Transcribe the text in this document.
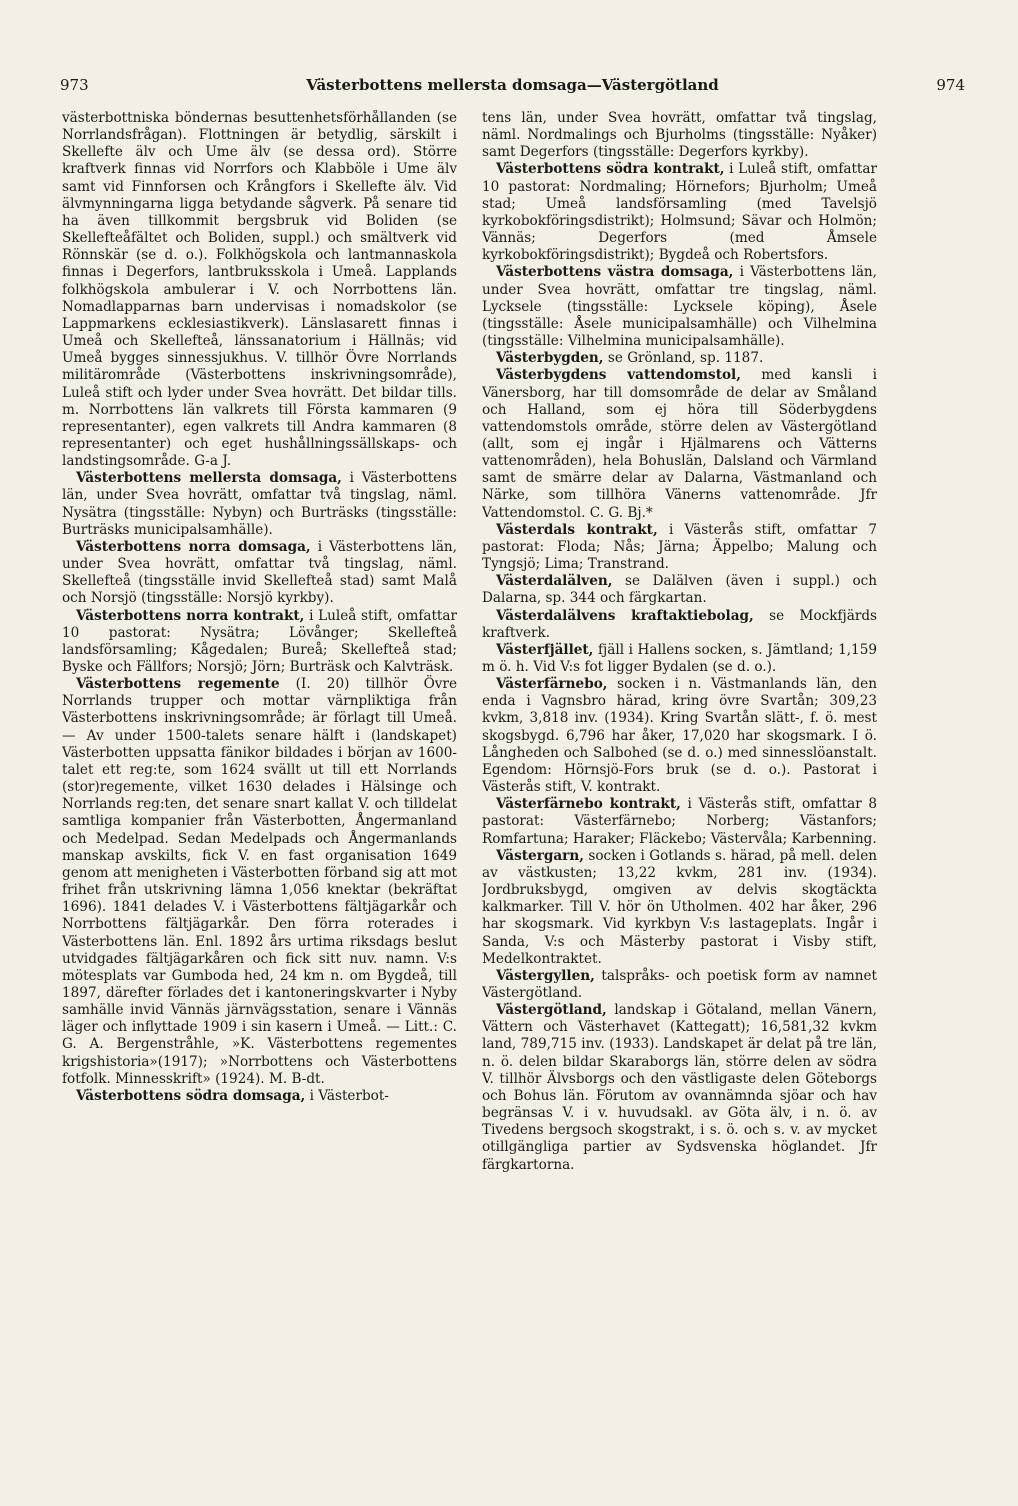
973	Västerbottens mellersta domsaga—Västergötland	974

västerbottniska böndernas besuttenhetsförhållanden (se Norrlandsfrågan). Flottningen är betydlig, särskilt i Skellefte älv och Ume älv (se dessa ord). Större kraftverk finnas vid Norrfors och Klabböle i Ume älv samt vid Finnforsen och Krångfors i Skellefte älv. Vid älvmynningarna ligga betydande sågverk. På senare tid ha även tillkommit bergsbruk vid Boliden (se Skellefteåfältet och Boliden, suppl.) och smältverk vid Rönnskär (se d. o.). Folkhögskola och lantmannaskola finnas i Degerfors, lantbruksskola i Umeå. Lapplands folkhögskola ambulerar i V. och Norrbottens län. Nomadlapparnas barn undervisas i nomadskolor (se Lappmarkens ecklesiastikverk). Länslasarett finnas i Umeå och Skellefteå, länssanatorium i Hällnäs; vid Umeå bygges sinnessjukhus. V. tillhör Övre Norrlands militärområde (Västerbottens inskrivningsområde), Luleå stift och lyder under Svea hovrätt. Det bildar tills. m. Norrbottens län valkrets till Första kammaren (9 representanter), egen valkrets till Andra kammaren (8 representanter) och eget hushållningssällskaps- och landstingsområde. G-a J.

Västerbottens mellersta domsaga, i Västerbottens län, under Svea hovrätt, omfattar två tingslag, näml. Nysätra (tingsställe: Nybyn) och Burträsks (tingsställe: Burträsks municipalsamhälle).

Västerbottens norra domsaga, i Västerbottens län, under Svea hovrätt, omfattar två tingslag, näml. Skellefteå (tingsställe invid Skellefteå stad) samt Malå och Norsjö (tingsställe: Norsjö kyrkby).

Västerbottens norra kontrakt, i Luleå stift, omfattar 10 pastorat: Nysätra; Lövånger; Skellefteå landsförsamling; Kågedalen; Bureå; Skellefteå stad; Byske och Fällfors; Norsjö; Jörn; Burträsk och Kalvträsk.

Västerbottens regemente (I. 20) tillhör Övre Norrlands trupper och mottar värnpliktiga från Västerbottens inskrivningsområde; är förlagt till Umeå. — Av under 1500-talets senare hälft i (landskapet) Västerbotten uppsatta fänikor bildades i början av 1600-talet ett reg:te, som 1624 svällt ut till ett Norrlands (stor)regemente, vilket 1630 delades i Hälsinge och Norrlands reg:ten, det senare snart kallat V. och tilldelat samtliga kompanier från Västerbotten, Ångermanland och Medelpad. Sedan Medelpads och Ångermanlands manskap avskilts, fick V. en fast organisation 1649 genom att menigheten i Västerbotten förband sig att mot frihet från utskrivning lämna 1,056 knektar (bekräftat 1696). 1841 delades V. i Västerbottens fältjägarkår och Norrbottens fältjägarkår. Den förra roterades i Västerbottens län. Enl. 1892 års urtima riksdags beslut utvidgades fältjägarkåren och fick sitt nuv. namn. V:s mötesplats var Gumboda hed, 24 km n. om Bygdeå, till 1897, därefter förlades det i kantoneringskvarter i Nyby samhälle invid Vännäs järnvägsstation, senare i Vännäs läger och inflyttade 1909 i sin kasern i Umeå. — Litt.: C. G. A. Bergenstråhle, »K. Västerbottens regementes krigshistoria»(1917); »Norrbottens och Västerbottens fotfolk. Minnesskrift» (1924). M. B-dt.

Västerbottens södra domsaga, i Västerbot-

tens län, under Svea hovrätt, omfattar två tingslag, näml. Nordmalings och Bjurholms (tingsställe: Nyåker) samt Degerfors (tingsställe: Degerfors kyrkby).

Västerbottens södra kontrakt, i Luleå stift, omfattar 10 pastorat: Nordmaling; Hörnefors; Bjurholm; Umeå stad; Umeå landsförsamling (med Tavelsjö kyrkobokföringsdistrikt); Holmsund; Sävar och Holmön; Vännäs; Degerfors (med Åmsele kyrkobokföringsdistrikt); Bygdeå och Robertsfors.

Västerbottens västra domsaga, i Västerbottens län, under Svea hovrätt, omfattar tre tingslag, näml. Lycksele (tingsställe: Lycksele köping), Åsele (tingsställe: Åsele municipalsamhälle) och Vilhelmina (tingsställe: Vilhelmina municipalsamhälle).

Västerbygden, se Grönland, sp. 1187.

Västerbygdens vattendomstol, med kansli i Vänersborg, har till domsområde de delar av Småland och Halland, som ej höra till Söderbygdens vattendomstols område, större delen av Västergötland (allt, som ej ingår i Hjälmarens och Vätterns vattenområden), hela Bohuslän, Dalsland och Värmland samt de smärre delar av Dalarna, Västmanland och Närke, som tillhöra Vänerns vattenområde. Jfr Vattendomstol. C. G. Bj.*

Västerdals kontrakt, i Västerås stift, omfattar 7 pastorat: Floda; Nås; Järna; Äppelbo; Malung och Tyngsjö; Lima; Transtrand.

Västerdalälven, se Dalälven (även i suppl.) och Dalarna, sp. 344 och färgkartan.

Västerdalälvens kraftaktiebolag, se Mockfjärds kraftverk.

Västerfjället, fjäll i Hallens socken, s. Jämtland; 1,159 m ö. h. Vid V:s fot ligger Bydalen (se d. o.).

Västerfärnebo, socken i n. Västmanlands län, den enda i Vagnsbro härad, kring övre Svartån; 309,23 kvkm, 3,818 inv. (1934). Kring Svartån slätt-, f. ö. mest skogsbygd. 6,796 har åker, 17,020 har skogsmark. I ö. Långheden och Salbohed (se d. o.) med sinnesslöanstalt. Egendom: Hörnsjö-Fors bruk (se d. o.). Pastorat i Västerås stift, V. kontrakt.

Västerfärnebo kontrakt, i Västerås stift, omfattar 8 pastorat: Västerfärnebo; Norberg; Västanfors; Romfartuna; Haraker; Fläckebo; Västervåla; Karbenning.

Västergarn, socken i Gotlands s. härad, på mell. delen av västkusten; 13,22 kvkm, 281 inv. (1934). Jordbruksbygd, omgiven av delvis skogtäckta kalkmarker. Till V. hör ön Utholmen. 402 har åker, 296 har skogsmark. Vid kyrkbyn V:s lastageplats. Ingår i Sanda, V:s och Mästerby pastorat i Visby stift, Medelkontraktet.

Västergyllen, talspråks- och poetisk form av namnet Västergötland.

Västergötland, landskap i Götaland, mellan Vänern, Vättern och Västerhavet (Kattegatt); 16,581,32 kvkm land, 789,715 inv. (1933). Landskapet är delat på tre län, n. ö. delen bildar Skaraborgs län, större delen av södra V. tillhör Älvsborgs och den västligaste delen Göteborgs och Bohus län. Förutom av ovannämnda sjöar och hav begränsas V. i v. huvudsakl. av Göta älv, i n. ö. av Tivedens bergsoch skogstrakt, i s. ö. och s. v. av mycket otillgängliga partier av Sydsvenska höglandet. Jfr färgkartorna.
